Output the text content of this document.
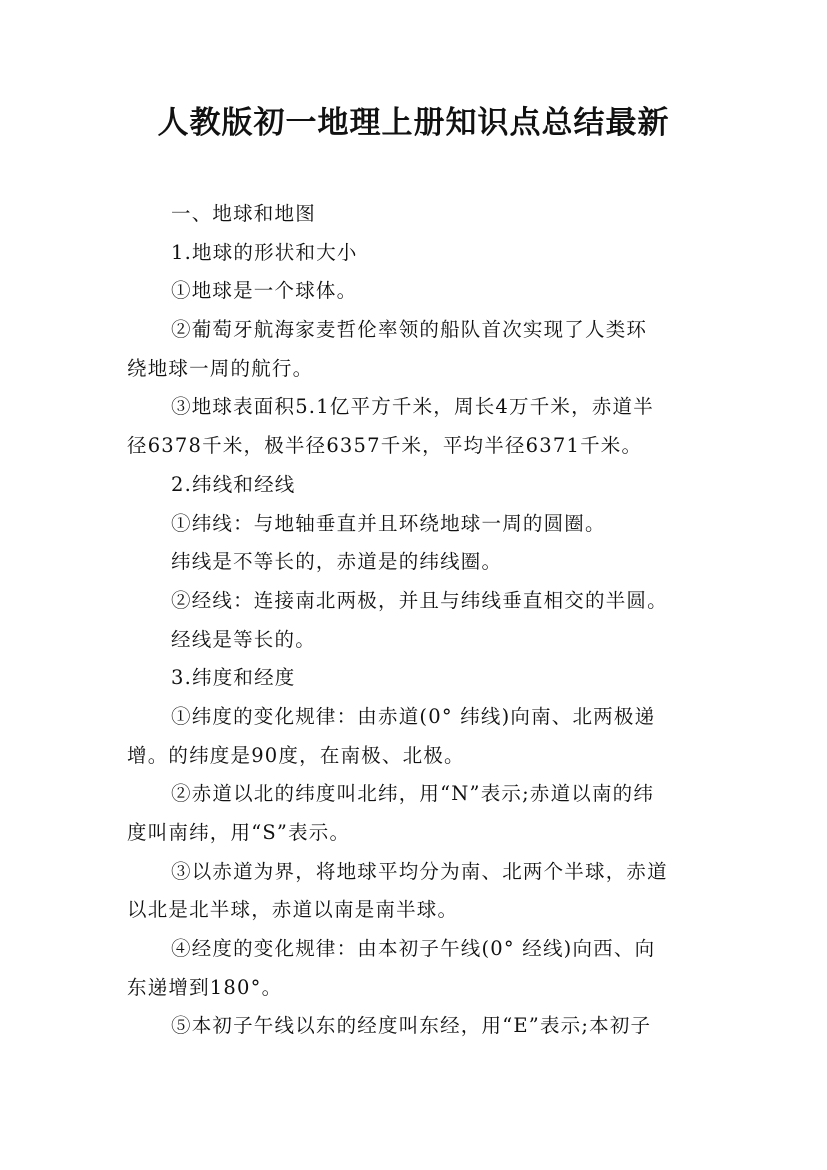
人教版初一地理上册知识点总结最新
一、地球和地图
1.地球的形状和大小
①地球是一个球体。
②葡萄牙航海家麦哲伦率领的船队首次实现了人类环
绕地球一周的航行。
③地球表面积5.1亿平方千米，周长4万千米，赤道半
径6378千米，极半径6357千米，平均半径6371千米。
2.纬线和经线
①纬线：与地轴垂直并且环绕地球一周的圆圈。
纬线是不等长的，赤道是的纬线圈。
②经线：连接南北两极，并且与纬线垂直相交的半圆。
经线是等长的。
3.纬度和经度
①纬度的变化规律：由赤道(0° 纬线)向南、北两极递
增。的纬度是90度，在南极、北极。
②赤道以北的纬度叫北纬，用“N”表示;赤道以南的纬
度叫南纬，用“S”表示。
③以赤道为界，将地球平均分为南、北两个半球，赤道
以北是北半球，赤道以南是南半球。
④经度的变化规律：由本初子午线(0° 经线)向西、向
东递增到180°。
⑤本初子午线以东的经度叫东经，用“E”表示;本初子
